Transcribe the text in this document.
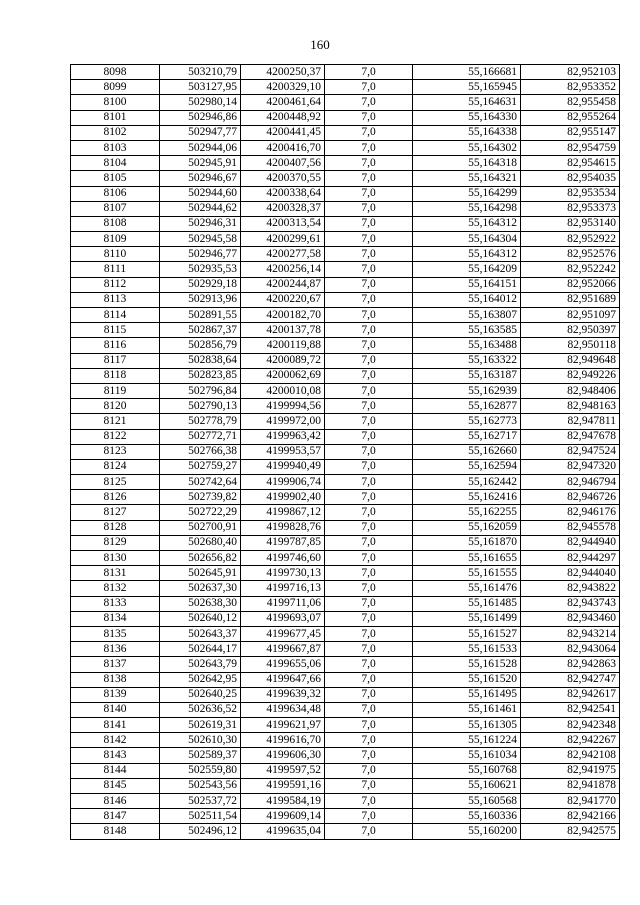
160
8098	503210,79	4200250,37	7,0	55,166681	82,952103
8099	503127,95	4200329,10	7,0	55,165945	82,953352
8100	502980,14	4200461,64	7,0	55,164631	82,955458
8101	502946,86	4200448,92	7,0	55,164330	82,955264
8102	502947,77	4200441,45	7,0	55,164338	82,955147
8103	502944,06	4200416,70	7,0	55,164302	82,954759
8104	502945,91	4200407,56	7,0	55,164318	82,954615
8105	502946,67	4200370,55	7,0	55,164321	82,954035
8106	502944,60	4200338,64	7,0	55,164299	82,953534
8107	502944,62	4200328,37	7,0	55,164298	82,953373
8108	502946,31	4200313,54	7,0	55,164312	82,953140
8109	502945,58	4200299,61	7,0	55,164304	82,952922
8110	502946,77	4200277,58	7,0	55,164312	82,952576
8111	502935,53	4200256,14	7,0	55,164209	82,952242
8112	502929,18	4200244,87	7,0	55,164151	82,952066
8113	502913,96	4200220,67	7,0	55,164012	82,951689
8114	502891,55	4200182,70	7,0	55,163807	82,951097
8115	502867,37	4200137,78	7,0	55,163585	82,950397
8116	502856,79	4200119,88	7,0	55,163488	82,950118
8117	502838,64	4200089,72	7,0	55,163322	82,949648
8118	502823,85	4200062,69	7,0	55,163187	82,949226
8119	502796,84	4200010,08	7,0	55,162939	82,948406
8120	502790,13	4199994,56	7,0	55,162877	82,948163
8121	502778,79	4199972,00	7,0	55,162773	82,947811
8122	502772,71	4199963,42	7,0	55,162717	82,947678
8123	502766,38	4199953,57	7,0	55,162660	82,947524
8124	502759,27	4199940,49	7,0	55,162594	82,947320
8125	502742,64	4199906,74	7,0	55,162442	82,946794
8126	502739,82	4199902,40	7,0	55,162416	82,946726
8127	502722,29	4199867,12	7,0	55,162255	82,946176
8128	502700,91	4199828,76	7,0	55,162059	82,945578
8129	502680,40	4199787,85	7,0	55,161870	82,944940
8130	502656,82	4199746,60	7,0	55,161655	82,944297
8131	502645,91	4199730,13	7,0	55,161555	82,944040
8132	502637,30	4199716,13	7,0	55,161476	82,943822
8133	502638,30	4199711,06	7,0	55,161485	82,943743
8134	502640,12	4199693,07	7,0	55,161499	82,943460
8135	502643,37	4199677,45	7,0	55,161527	82,943214
8136	502644,17	4199667,87	7,0	55,161533	82,943064
8137	502643,79	4199655,06	7,0	55,161528	82,942863
8138	502642,95	4199647,66	7,0	55,161520	82,942747
8139	502640,25	4199639,32	7,0	55,161495	82,942617
8140	502636,52	4199634,48	7,0	55,161461	82,942541
8141	502619,31	4199621,97	7,0	55,161305	82,942348
8142	502610,30	4199616,70	7,0	55,161224	82,942267
8143	502589,37	4199606,30	7,0	55,161034	82,942108
8144	502559,80	4199597,52	7,0	55,160768	82,941975
8145	502543,56	4199591,16	7,0	55,160621	82,941878
8146	502537,72	4199584,19	7,0	55,160568	82,941770
8147	502511,54	4199609,14	7,0	55,160336	82,942166
8148	502496,12	4199635,04	7,0	55,160200	82,942575
